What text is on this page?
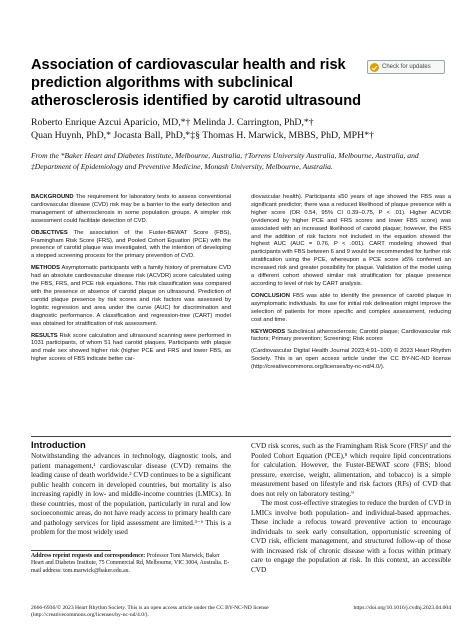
Check for updates
Association of cardiovascular health and risk prediction algorithms with subclinical atherosclerosis identified by carotid ultrasound
Roberto Enrique Azcui Aparicio, MD,*† Melinda J. Carrington, PhD,*†
Quan Huynh, PhD,* Jocasta Ball, PhD,*‡§ Thomas H. Marwick, MBBS, PhD, MPH*†
From the *Baker Heart and Diabetes Institute, Melbourne, Australia, †Torrens University Australia, Melbourne, Australia, and ‡Department of Epidemiology and Preventive Medicine, Monash University, Melbourne, Australia.

BACKGROUND The requirement for laboratory tests to assess conventional cardiovascular disease (CVD) risk may be a barrier to the early detection and management of atherosclerosis in some population groups. A simpler risk assessment could facilitate detection of CVD.

OBJECTIVES The association of the Fuster-BEWAT Score (FBS), Framingham Risk Score (FRS), and Pooled Cohort Equation (PCE) with the presence of carotid plaque was investigated, with the intention of developing a stepped screening process for the primary prevention of CVD.

METHODS Asymptomatic participants with a family history of premature CVD had an absolute cardiovascular disease risk (ACVDR) score calculated using the FBS, FRS, and PCE risk equations. This risk classification was compared with the presence or absence of carotid plaque on ultrasound. Prediction of carotid plaque presence by risk scores and risk factors was assessed by logistic regression and area under the curve (AUC) for discrimination and diagnostic performance. A classification and regression-tree (CART) model was obtained for stratification of risk assessment.

RESULTS Risk score calculation and ultrasound scanning were performed in 1031 participants, of whom 51 had carotid plaques. Participants with plaque and male sex showed higher risk (higher PCE and FRS and lower FBS, as higher scores of FBS indicate better car-

diovascular health). Participants ≤50 years of age showed the FBS was a significant predictor; there was a reduced likelihood of plaque presence with a higher score (OR 0.54, 95% CI 0.39–0.75, P < .01). Higher ACVDR (evidenced by higher PCE and FRS scores and lower FBS score) was associated with an increased likelihood of carotid plaque; however, the FBS and the addition of risk factors not included in the equation showed the highest AUC (AUC = 0.76, P < .001). CART modeling showed that participants with FBS between 6 and 9 would be recommended for further risk stratification using the PCE, whereupon a PCE score ≥5% conferred an increased risk and greater possibility for plaque. Validation of the model using a different cohort showed similar risk stratification for plaque presence according to level of risk by CART analysis.

CONCLUSION FBS was able to identify the presence of carotid plaque in asymptomatic individuals. Its use for initial risk delineation might improve the selection of patients for more specific and complex assessment, reducing cost and time.

KEYWORDS Subclinical atherosclerosis; Carotid plaque; Cardiovascular risk factors; Primary prevention; Screening; Risk scores

(Cardiovascular Digital Health Journal 2023;4:91–100) © 2023 Heart Rhythm Society. This is an open access article under the CC BY-NC-ND license (http://creativecommons.org/licenses/by-nc-nd/4.0/).

Introduction

Notwithstanding the advances in technology, diagnostic tools, and patient management,¹ cardiovascular disease (CVD) remains the leading cause of death worldwide.² CVD continues to be a significant public health concern in developed countries, but mortality is also increasing rapidly in low- and middle-income countries (LMICs). In these countries, most of the population, particularly in rural and low socioeconomic areas, do not have ready access to primary health care and pathology services for lipid assessment are limited.³⁻⁶ This is a problem for the most widely used

CVD risk scores, such as the Framingham Risk Score (FRS)⁷ and the Pooled Cohort Equation (PCE),⁸ which require lipid concentrations for calculation. However, the Fuster-BEWAT score (FBS; blood pressure, exercise, weight, alimentation, and tobacco) is a simple measurement based on lifestyle and risk factors (RFs) of CVD that does not rely on laboratory testing.⁹

The most cost-effective strategies to reduce the burden of CVD in LMICs involve both population- and individual-based approaches. These include a refocus toward preventive action to encourage individuals to seek early consultation, opportunistic screening of CVD risk, efficient management, and structured follow-up of those with increased risk of chronic disease with a focus within primary care to engage the population at risk. In this context, an accessible CVD

Address reprint requests and correspondence: Professor Tom Marwick, Baker Heart and Diabetes Institute, 75 Commercial Rd, Melbourne, VIC 3004, Australia. E-mail address: tom.marwick@baker.edu.au.
2666-6936/© 2023 Heart Rhythm Society. This is an open access article under the CC BY-NC-ND license (http://creativecommons.org/licenses/by-nc-nd/4.0/).
https://doi.org/10.1016/j.cvdhj.2023.04.004
